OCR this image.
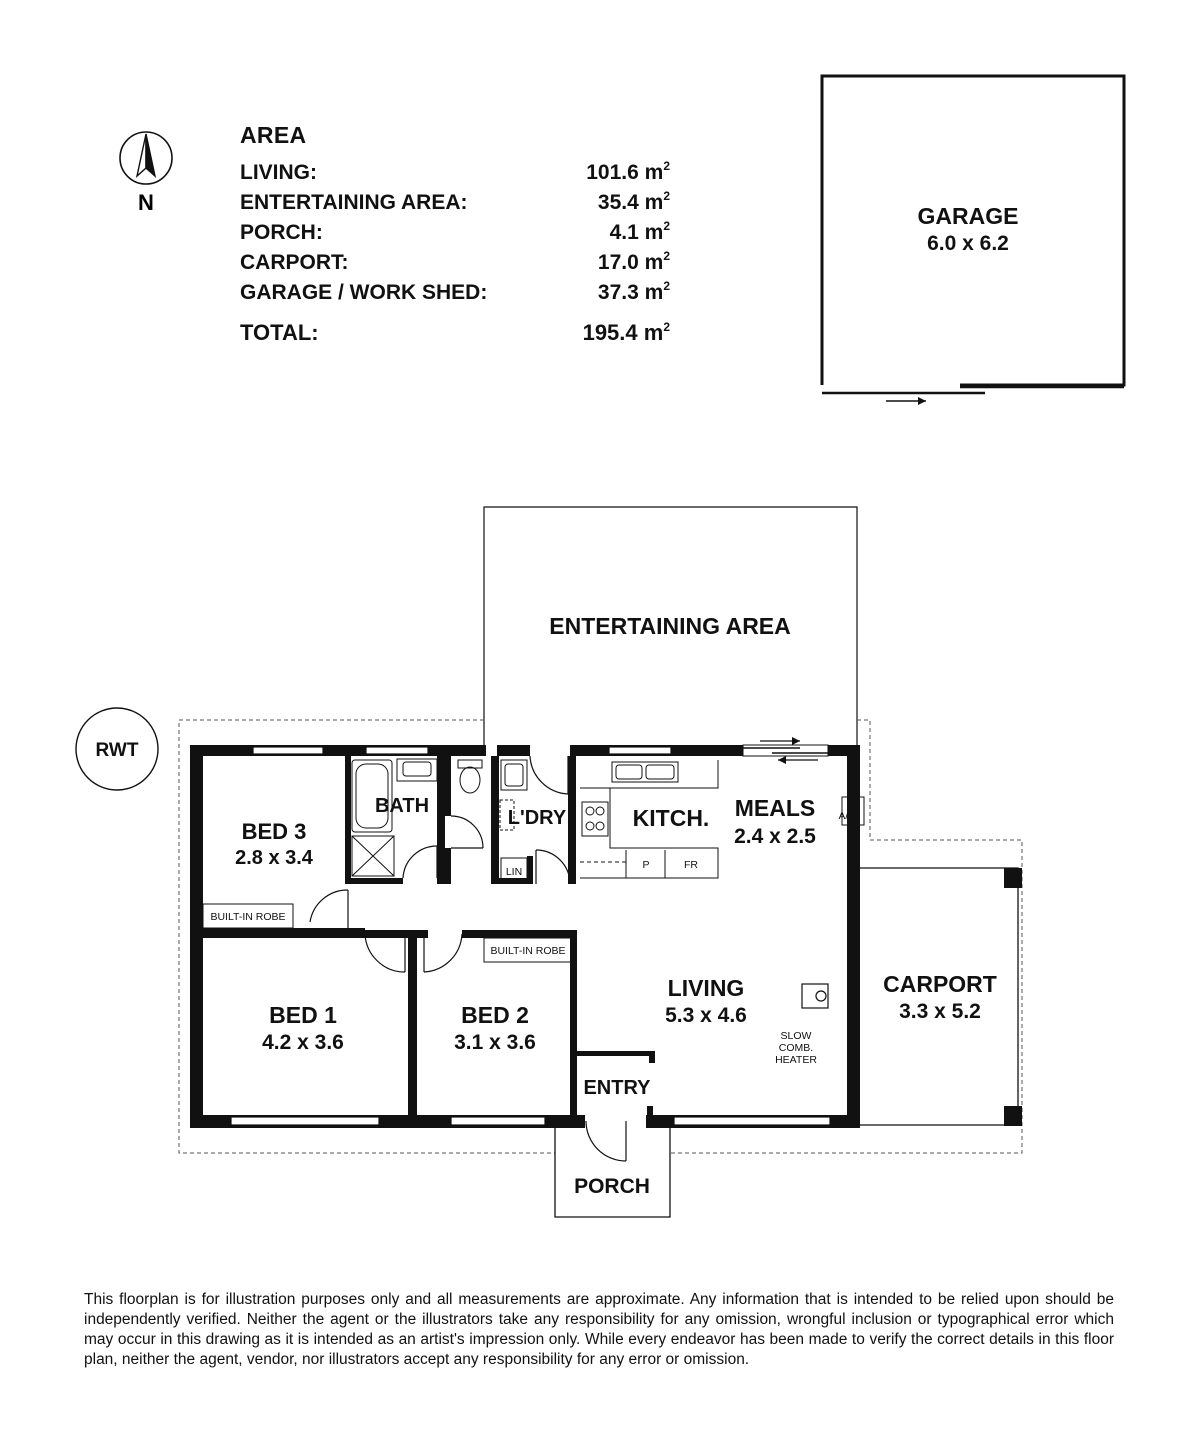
N
AREA
LIVING:	101.6 $m^2$
ENTERTAINING AREA:	35.4 $m^2$
PORCH:	4.1 $m^2$
CARPORT:	17.0 $m^2$
GARAGE / WORK SHED:	37.3 $m^2$
TOTAL:	195.4 $m^2$
GARAGE
6.0 x 6.2
ENTERTAINING AREA
RWT
CARPORT
3.3 x 5.2
PORCH
BED 3
2.8 x 3.4
BATH
L'DRY	KITCH. MEALS A/C
2.4 x 2.5
BED 1
4.2 x 3.6
BED 2
3.1 x 3.6
LIVING
5.3 x 4.6
ENTRY
BUILT-IN ROBE
BUILT-IN ROBE
LIN
P	FR
SLOW
COMB.
HEATER
This floorplan is for illustration purposes only and all measurements are approximate. Any information that is intended to be relied upon should be independently verified. Neither the agent or the illustrators take any responsibility for any omission, wrongful inclusion or typographical error which may occur in this drawing as it is intended as an artist's impression only. While every endeavor has been made to verify the correct details in this floor plan, neither the agent, vendor, nor illustrators accept any responsibility for any error or omission.
